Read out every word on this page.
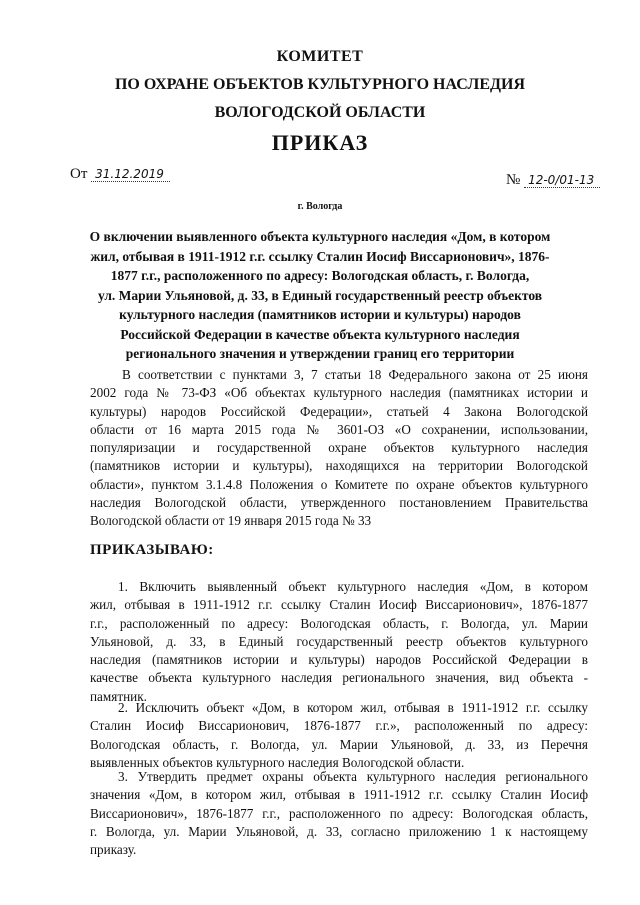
КОМИТЕТ
ПО ОХРАНЕ ОБЪЕКТОВ КУЛЬТУРНОГО НАСЛЕДИЯ
ВОЛОГОДСКОЙ ОБЛАСТИ
ПРИКАЗ
От 31.12.2019	№ 12-0/01-13
г. Вологда
О включении выявленного объекта культурного наследия «Дом, в котором
жил, отбывая в 1911-1912 г.г. ссылку Сталин Иосиф Виссарионович», 1876-
1877 г.г., расположенного по адресу: Вологодская область, г. Вологда,
ул. Марии Ульяновой, д. 33, в Единый государственный реестр объектов
культурного наследия (памятников истории и культуры) народов
Российской Федерации в качестве объекта культурного наследия
регионального значения и утверждении границ его территории
В соответствии с пунктами 3, 7 статьи 18 Федерального закона от 25 июня
2002 года № 73-ФЗ «Об объектах культурного наследия (памятниках истории и
культуры) народов Российской Федерации», статьей 4 Закона Вологодской
области от 16 марта 2015 года № 3601-ОЗ «О сохранении, использовании,
популяризации и государственной охране объектов культурного наследия
(памятников истории и культуры), находящихся на территории Вологодской
области», пунктом 3.1.4.8 Положения о Комитете по охране объектов культурного
наследия Вологодской области, утвержденного постановлением Правительства
Вологодской области от 19 января 2015 года № 33
ПРИКАЗЫВАЮ:
1. Включить выявленный объект культурного наследия «Дом, в котором
жил, отбывая в 1911-1912 г.г. ссылку Сталин Иосиф Виссарионович», 1876-1877
г.г., расположенный по адресу: Вологодская область, г. Вологда, ул. Марии
Ульяновой, д. 33, в Единый государственный реестр объектов культурного
наследия (памятников истории и культуры) народов Российской Федерации в
качестве объекта культурного наследия регионального значения, вид объекта -
памятник.
2. Исключить объект «Дом, в котором жил, отбывая в 1911-1912 г.г. ссылку
Сталин Иосиф Виссарионович, 1876-1877 г.г.», расположенный по адресу:
Вологодская область, г. Вологда, ул. Марии Ульяновой, д. 33, из Перечня
выявленных объектов культурного наследия Вологодской области.
3. Утвердить предмет охраны объекта культурного наследия регионального
значения «Дом, в котором жил, отбывая в 1911-1912 г.г. ссылку Сталин Иосиф
Виссарионович», 1876-1877 г.г., расположенного по адресу: Вологодская область,
г. Вологда, ул. Марии Ульяновой, д. 33, согласно приложению 1 к настоящему
приказу.
